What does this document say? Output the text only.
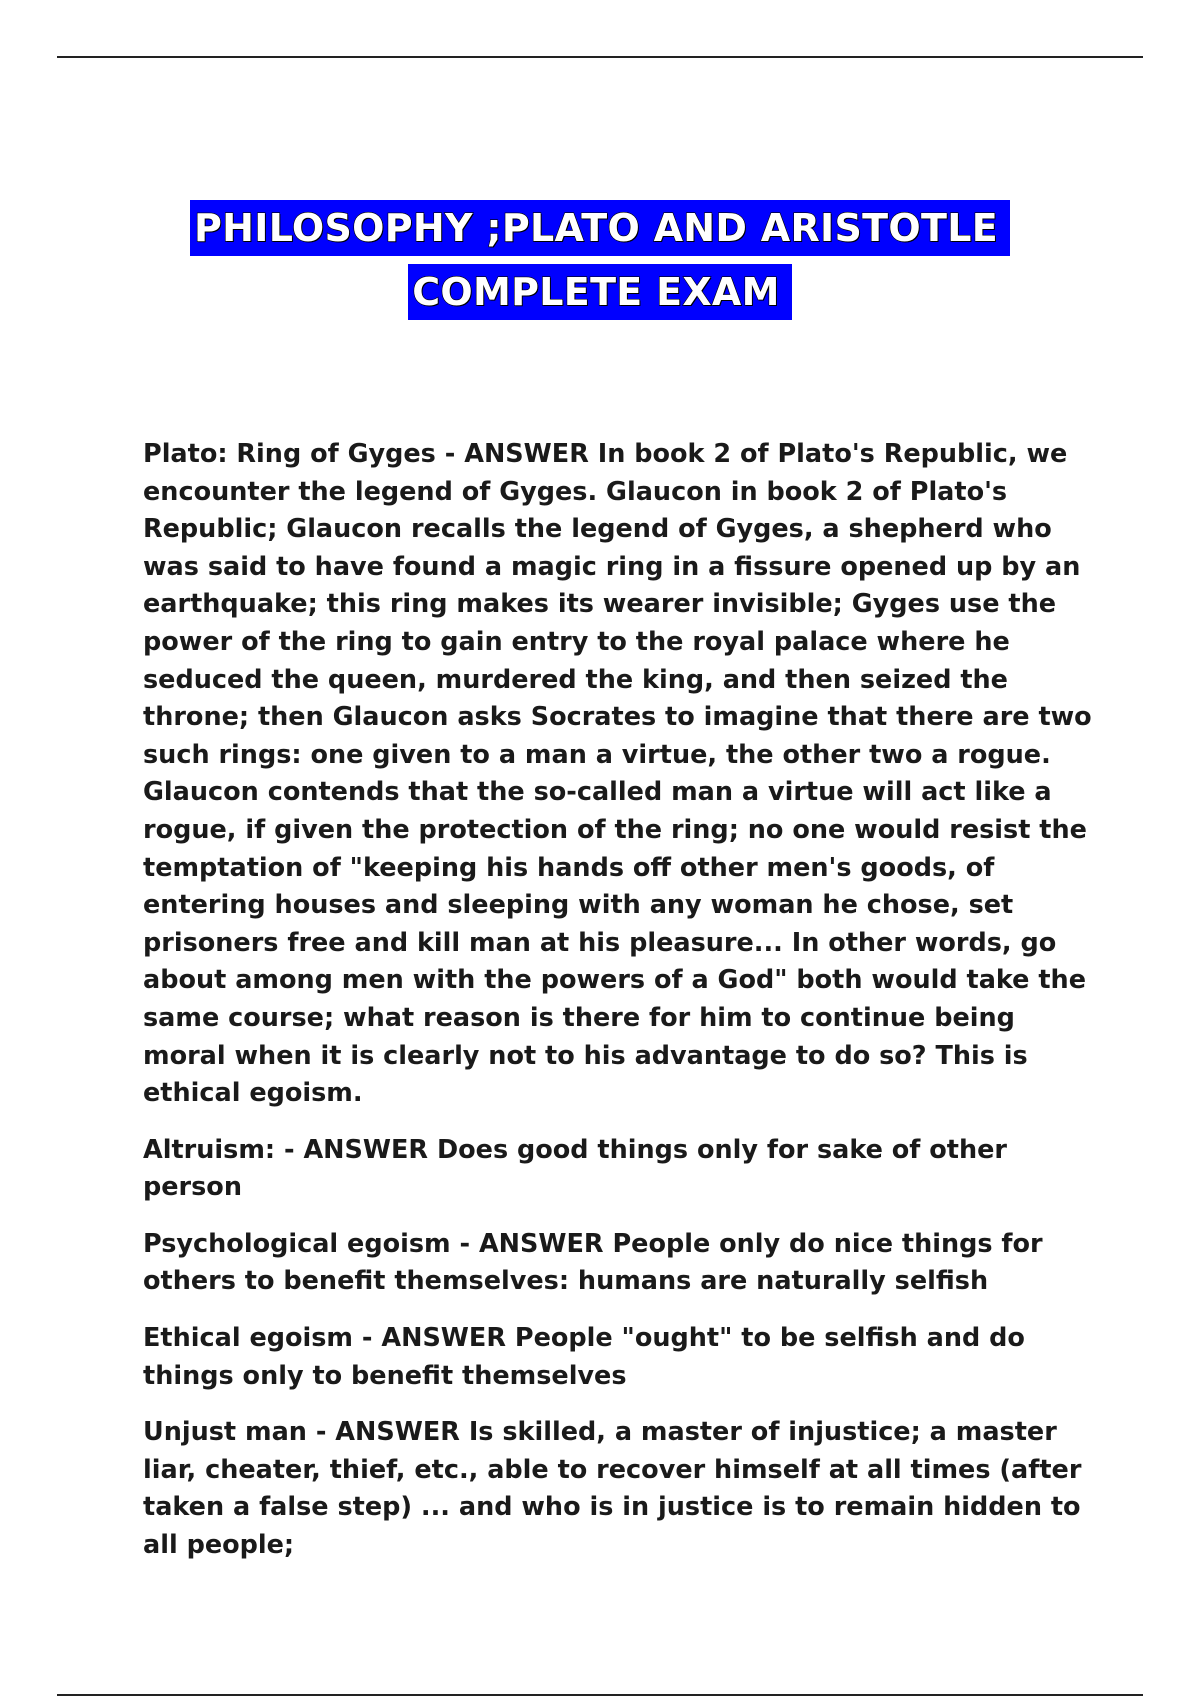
PHILOSOPHY ;PLATO AND ARISTOTLE
COMPLETE EXAM

Plato: Ring of Gyges - ANSWER In book 2 of Plato's Republic, we encounter the legend of Gyges. Glaucon in book 2 of Plato's Republic; Glaucon recalls the legend of Gyges, a shepherd who was said to have found a magic ring in a fissure opened up by an earthquake; this ring makes its wearer invisible; Gyges use the power of the ring to gain entry to the royal palace where he seduced the queen, murdered the king, and then seized the throne; then Glaucon asks Socrates to imagine that there are two such rings: one given to a man a virtue, the other two a rogue. Glaucon contends that the so-called man a virtue will act like a rogue, if given the protection of the ring; no one would resist the temptation of "keeping his hands off other men's goods, of entering houses and sleeping with any woman he chose, set prisoners free and kill man at his pleasure... In other words, go about among men with the powers of a God" both would take the same course; what reason is there for him to continue being moral when it is clearly not to his advantage to do so? This is ethical egoism.

Altruism: - ANSWER Does good things only for sake of other person

Psychological egoism - ANSWER People only do nice things for others to benefit themselves: humans are naturally selfish

Ethical egoism - ANSWER People "ought" to be selfish and do things only to benefit themselves

Unjust man - ANSWER Is skilled, a master of injustice; a master liar, cheater, thief, etc., able to recover himself at all times (after taken a false step) ... and who is in justice is to remain hidden to all people;
